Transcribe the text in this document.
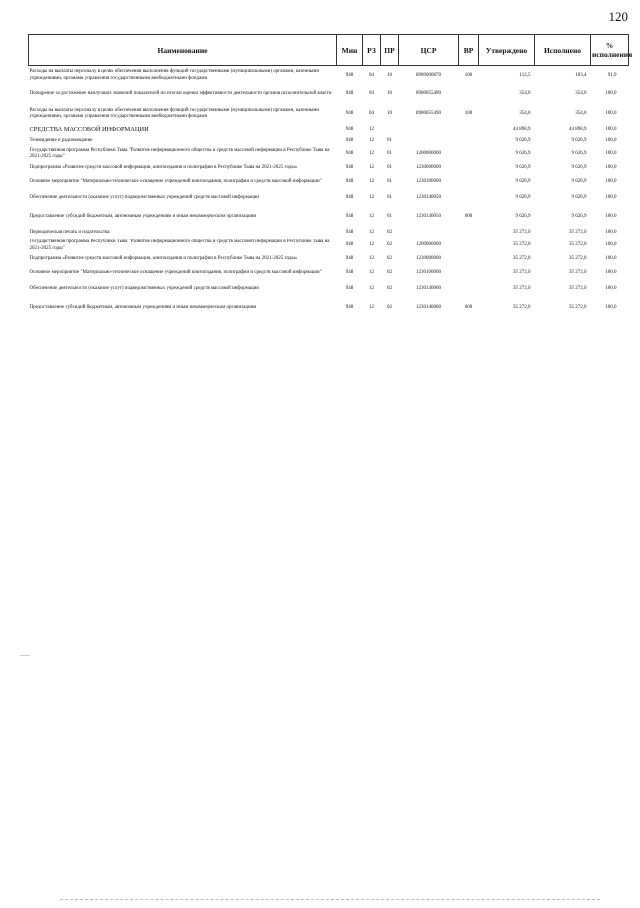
120
Наименование	Мин	РЗ	ПР	ЦСР	ВР	Утверждено	Исполнено	% исполнения
Расходы на выплаты персоналу в целях обеспечения выполнения функций государственными (муниципальными) органами, казенными учреждениями, органами управления государственными внебюджетными фондами	948	04	10	8900000870	100	112,5	103,4	91,9
Поощрение за достижение наилучших значений показателей по итогам оценки эффективности деятельности органов исполнительной власти	948	04	10	8900055490		354,0	354,0	100,0
Расходы на выплаты персоналу в целях обеспечения выполнения функций государственными (муниципальными) органами, казенными учреждениями, органами управления государственными внебюджетными фондами	948	04	10	8900055490	100	354,0	354,0	100,0
СРЕДСТВА МАССОВОЙ ИНФОРМАЦИИ	948	12				44 898,9	44 898,9	100,0
Телевидение и радиовещание	948	12	01			9 626,9	9 626,9	100,0
Государственная программа Республики Тыва "Развитие информационного общества и средств массовой информации в Республике Тыва на 2021-2025 годы"	948	12	01	1200000000		9 626,9	9 626,9	100,0
Подпрограмма «Развитие средств массовой информации, книгоиздания и полиграфии в Республике Тыва на 2021-2025 годы»	948	12	01	1230000000		9 626,9	9 626,9	100,0
Основное мероприятие "Материально-техническое оснащение учреждений книгоиздания, полиграфии и средств массовой информации"	948	12	01	1230100000		9 626,9	9 626,9	100,0
Обеспечение деятельности (оказание услуг) подведомственных учреждений средств массовой информации	948	12	01	1230140050		9 626,9	9 626,9	100,0
Предоставление субсидий бюджетным, автономным учреждениям и иным некоммерческим организациям	948	12	01	1230140050	600	9 626,9	9 626,9	100,0
Периодическая печать и издательства	948	12	02			35 272,0	35 272,0	100,0
Государственная программа Республики Тыва "Развитие информационного общества и средств массовой информации в Республике Тыва на 2021-2025 годы"	948	12	02	1200000000		35 272,0	35 272,0	100,0
Подпрограмма «Развитие средств массовой информации, книгоиздания и полиграфии в Республике Тыва на 2021-2025 годы»	948	12	02	1230000000		35 272,0	35 272,0	100,0
Основное мероприятие "Материально-техническое оснащение учреждений книгоиздания, полиграфии и средств массовой информации"	948	12	02	1230100000		35 272,0	35 272,0	100,0
Обеспечение деятельности (оказание услуг) подведомственных учреждений средств массовой информации	948	12	02	1230140060		35 272,0	35 272,0	100,0
Предоставление субсидий бюджетным, автономным учреждениям и иным некоммерческим организациям	948	12	02	1230140060	600	35 272,0	35 272,0	100,0
